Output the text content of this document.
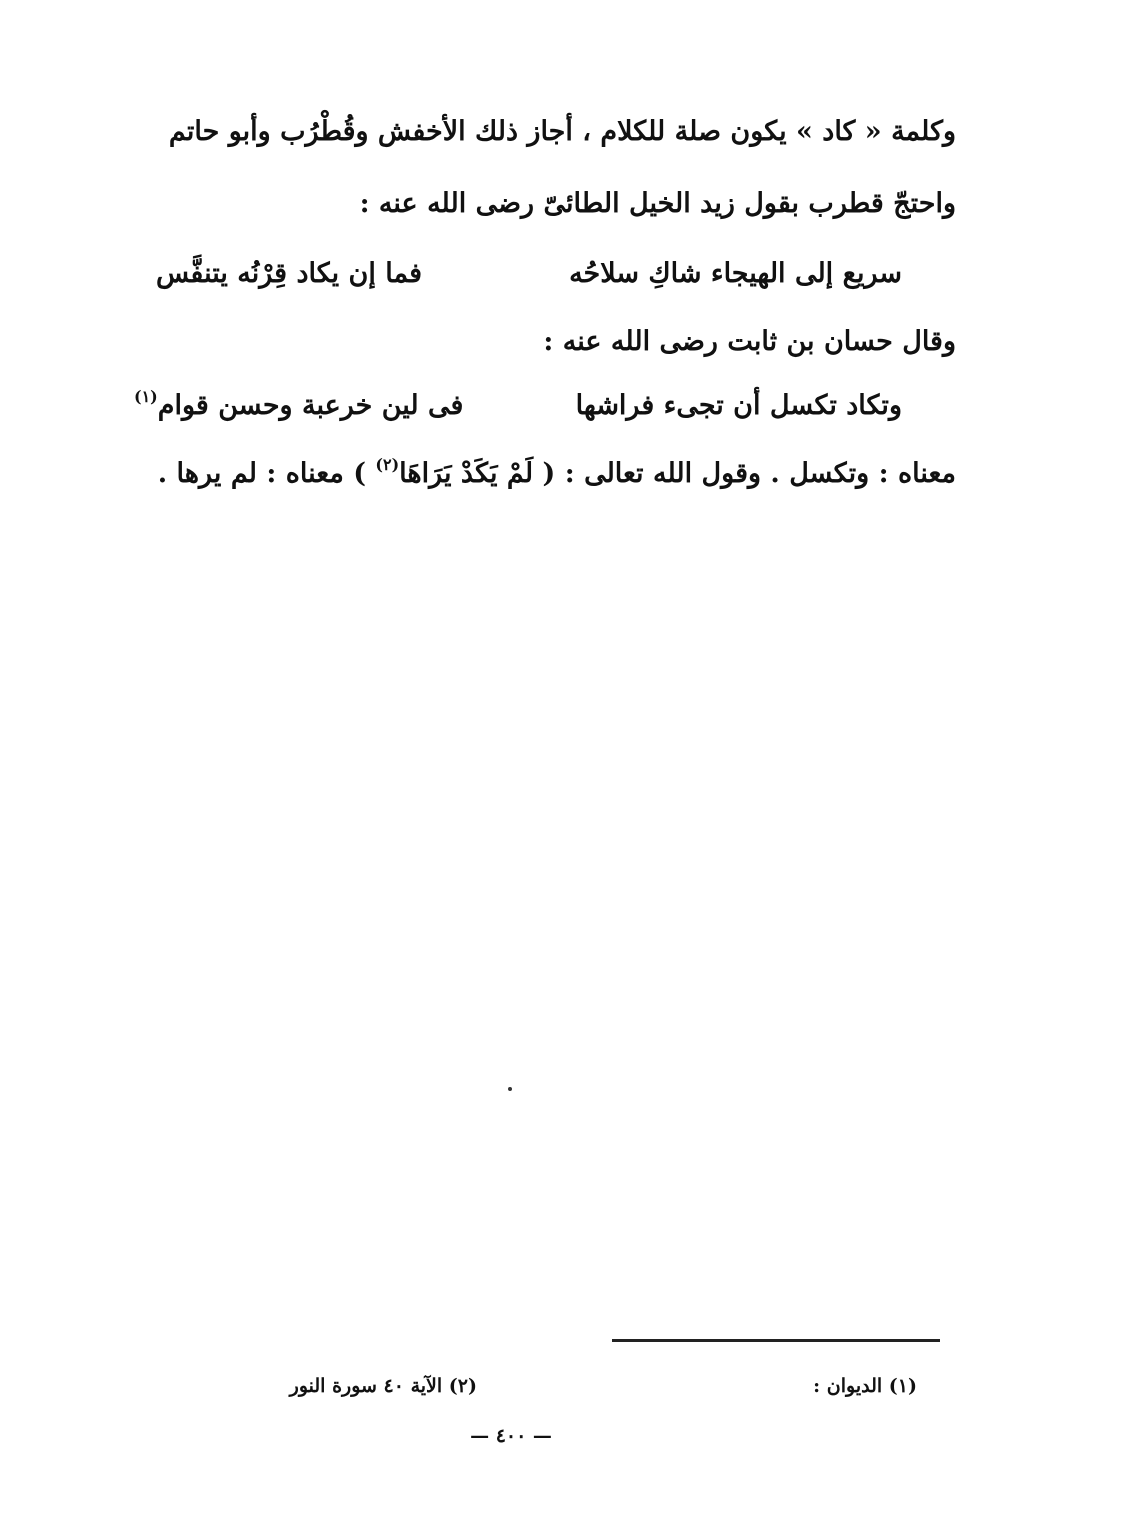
وكلمة « كاد » يكون صلة للكلام ، أجاز ذلك الأخفش وقُطْرُب وأبو حاتم
واحتجّ قطرب بقول زيد الخيل الطائىّ رضى الله عنه :
سريع إلى الهيجاء شاكِ سلاحُه
فما إن يكاد قِرْنُه يتنفَّس
وقال حسان بن ثابت رضى الله عنه :
وتكاد تكسل أن تجىء فراشها
فى لين خرعبة وحسن قوام$^{(١)}$
معناه : وتكسل . وقول الله تعالى : ( لَمْ يَكَدْ يَرَاهَا$^{(٢)}$ ) معناه : لم يرها .
(١) الديوان :
(٢) الآية ٤٠ سورة النور
— ٤٠٠ —
